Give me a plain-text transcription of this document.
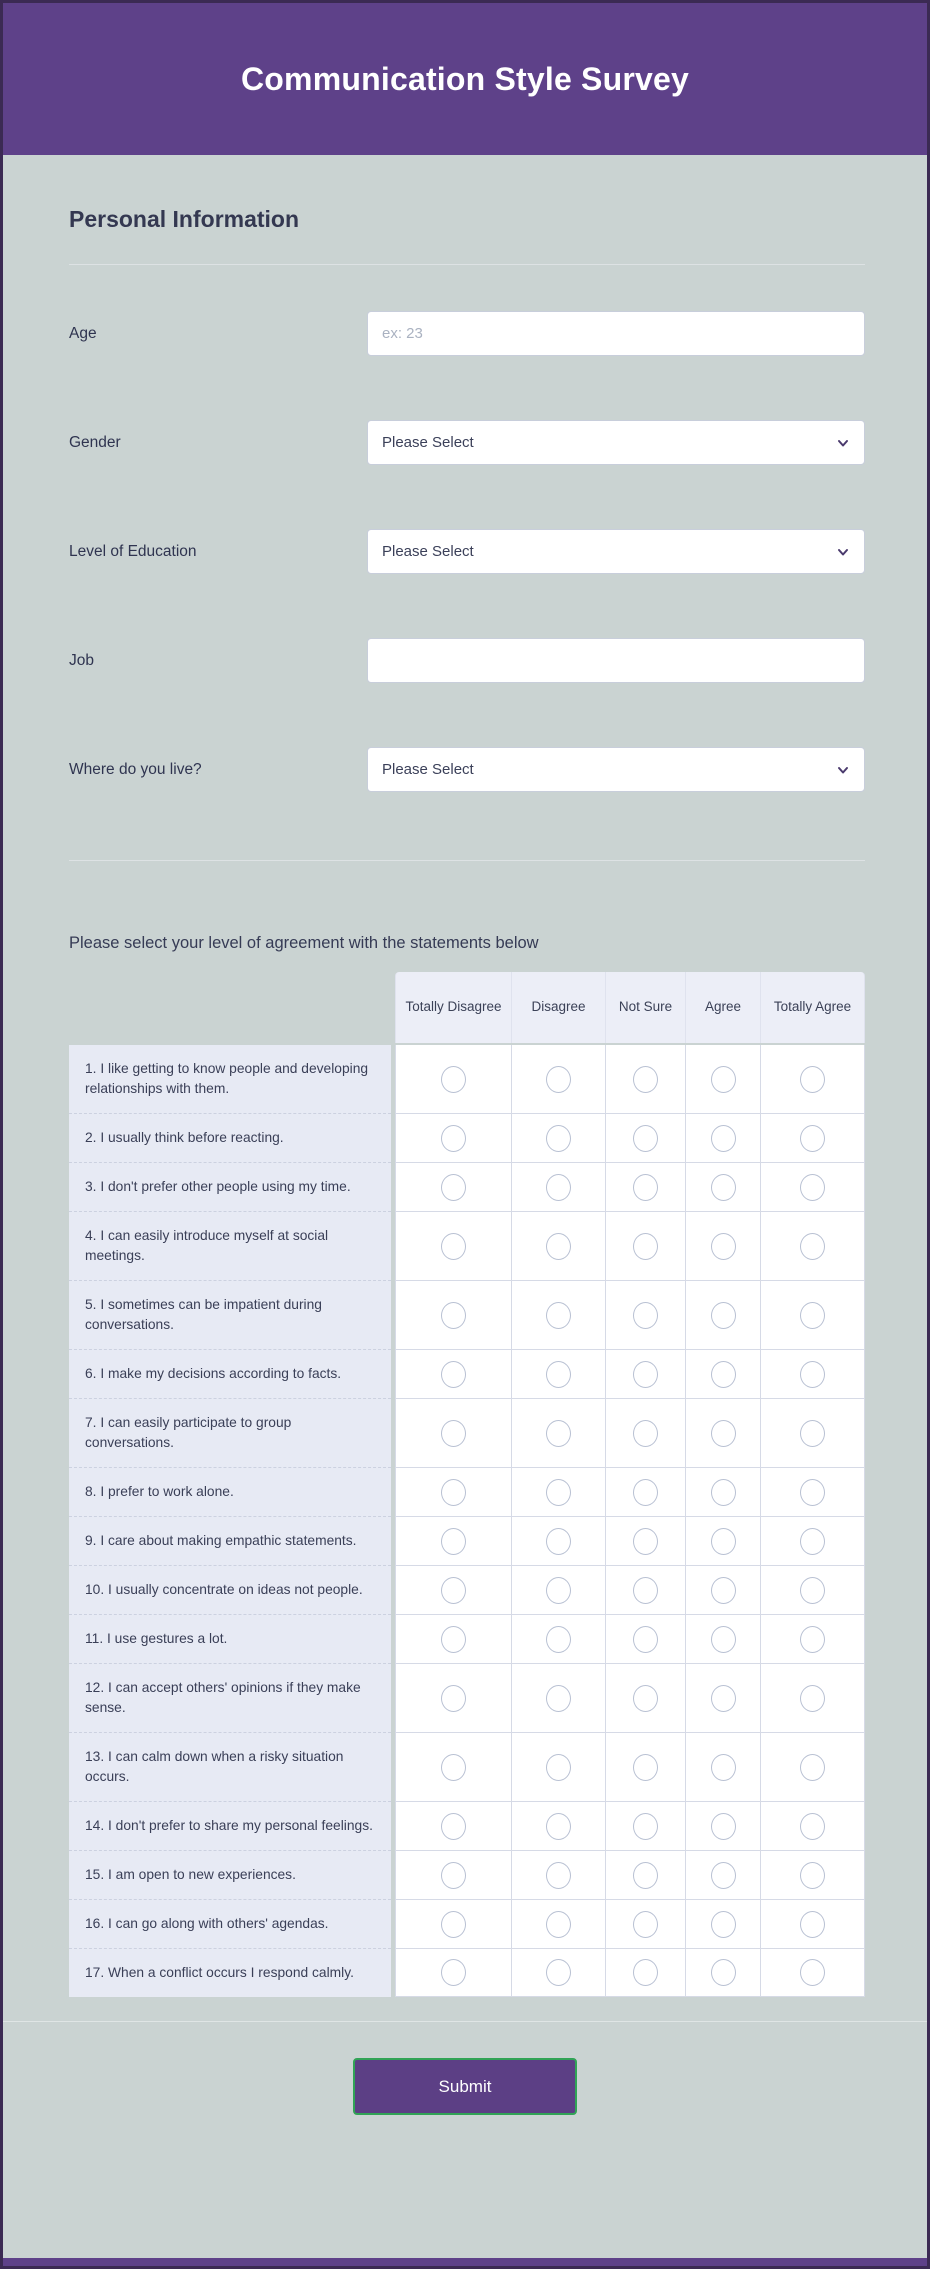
Communication Style Survey
Personal Information
Age
ex: 23
Gender	Please Select
Level of Education	Please Select
Job
Where do you live?	Please Select
Please select your level of agreement with the statements below
Totally Disagree	Disagree	Not Sure	Agree	Totally Agree
1. I like getting to know people and developing relationships with them.
2. I usually think before reacting.
3. I don't prefer other people using my time.
4. I can easily introduce myself at social meetings.
5. I sometimes can be impatient during conversations.
6. I make my decisions according to facts.
7. I can easily participate to group conversations.
8. I prefer to work alone.
9. I care about making empathic statements.
10. I usually concentrate on ideas not people.
11. I use gestures a lot.
12. I can accept others' opinions if they make sense.
13. I can calm down when a risky situation occurs.
14. I don't prefer to share my personal feelings.
15. I am open to new experiences.
16. I can go along with others' agendas.
17. When a conflict occurs I respond calmly.
Submit
